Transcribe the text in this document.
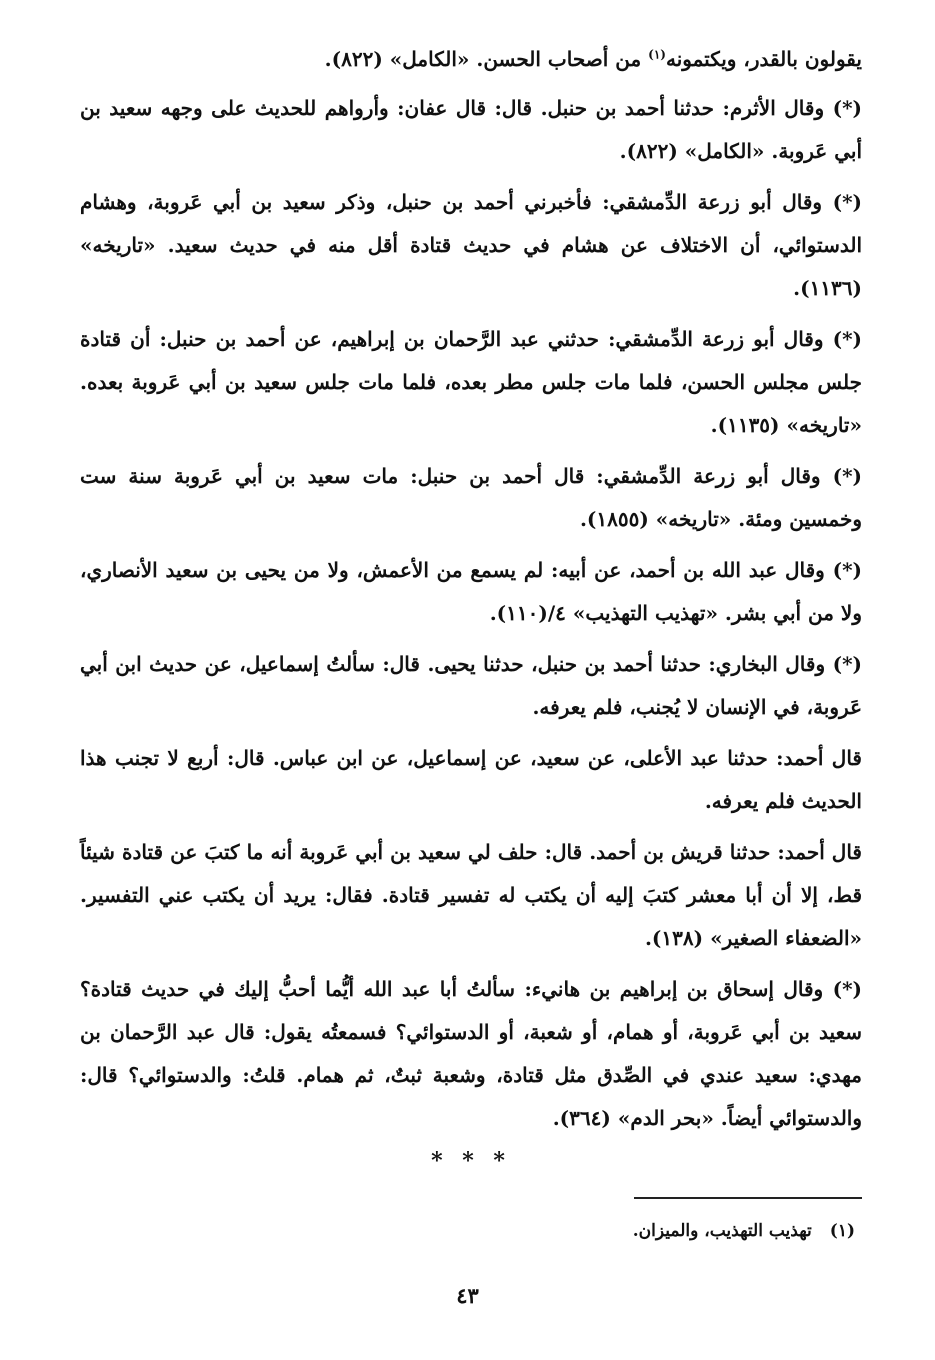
يقولون بالقدر، ويكتمونه$^{(١)}$ من أصحاب الحسن. «الكامل» (٨٢٢).

(*) وقال الأثرم: حدثنا أحمد بن حنبل. قال: قال عفان: وأرواهم للحديث على وجهه سعيد بن أبي عَروبة. «الكامل» (٨٢٢).

(*) وقال أبو زرعة الدِّمشقي: فأخبرني أحمد بن حنبل، وذكر سعيد بن أبي عَروبة، وهشام الدستوائي، أن الاختلاف عن هشام في حديث قتادة أقل منه في حديث سعيد. «تاريخه» (١١٣٦).

(*) وقال أبو زرعة الدِّمشقي: حدثني عبد الرَّحمان بن إبراهيم، عن أحمد بن حنبل: أن قتادة جلس مجلس الحسن، فلما مات جلس مطر بعده، فلما مات جلس سعيد بن أبي عَروبة بعده. «تاريخه» (١١٣٥).

(*) وقال أبو زرعة الدِّمشقي: قال أحمد بن حنبل: مات سعيد بن أبي عَروبة سنة ست وخمسين ومئة. «تاريخه» (١٨٥٥).

(*) وقال عبد الله بن أحمد، عن أبيه: لم يسمع من الأعمش، ولا من يحيى بن سعيد الأنصاري، ولا من أبي بشر. «تهذيب التهذيب» ٤/(١١٠).

(*) وقال البخاري: حدثنا أحمد بن حنبل، حدثنا يحيى. قال: سألتُ إسماعيل، عن حديث ابن أبي عَروبة، في الإنسان لا يُجنب، فلم يعرفه.

قال أحمد: حدثنا عبد الأعلى، عن سعيد، عن إسماعيل، عن ابن عباس. قال: أربع لا تجنب هذا الحديث فلم يعرفه.

قال أحمد: حدثنا قريش بن أحمد. قال: حلف لي سعيد بن أبي عَروبة أنه ما كتبَ عن قتادة شيئاً قط، إلا أن أبا معشر كتبَ إليه أن يكتب له تفسير قتادة. فقال: يريد أن يكتب عني التفسير. «الضعفاء الصغير» (١٣٨).

(*) وقال إسحاق بن إبراهيم بن هانيء: سألتُ أبا عبد الله أيُّما أحبُّ إليك في حديث قتادة؟ سعيد بن أبي عَروبة، أو همام، أو شعبة، أو الدستوائي؟ فسمعتُه يقول: قال عبد الرَّحمان بن مهدي: سعيد عندي في الصِّدق مثل قتادة، وشعبة ثبتٌ، ثم همام. قلتُ: والدستوائي؟ قال: والدستوائي أيضاً. «بحر الدم» (٣٦٤).

* * *
(١)تهذيب التهذيب، والميزان.
٤٣
